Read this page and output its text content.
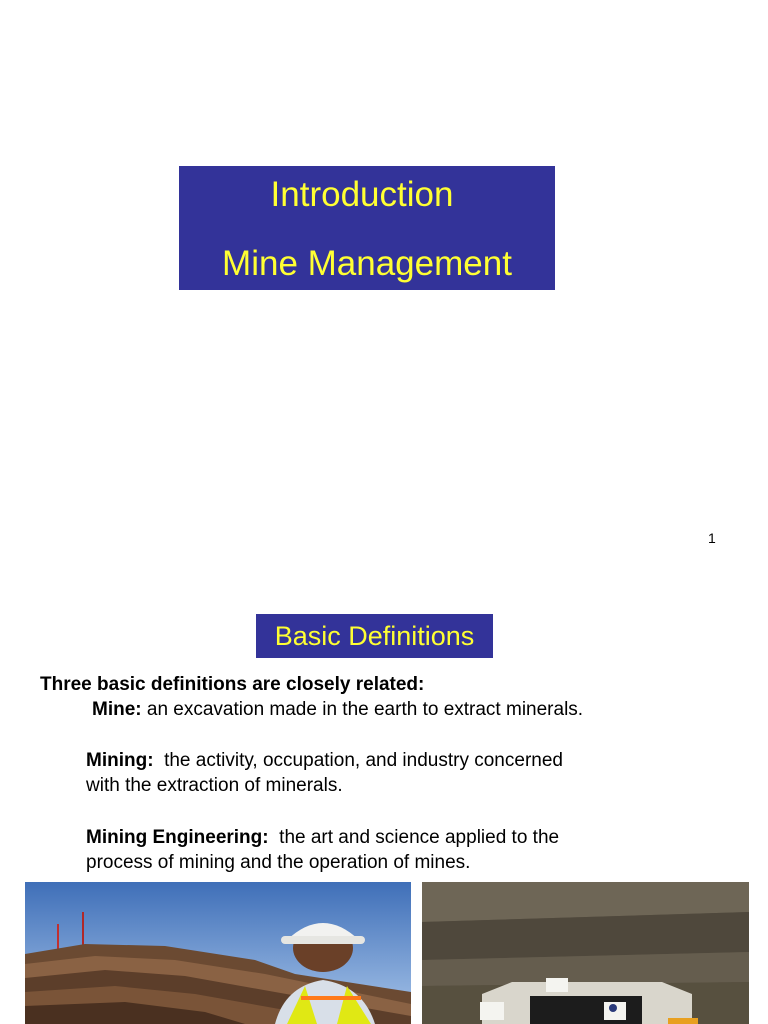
Introduction
Mine Management
1
Basic Definitions
Three basic definitions are closely related:
Mine: an excavation made in the earth to extract minerals.
Mining:  the activity, occupation, and industry concerned
with the extraction of minerals.
Mining Engineering:  the art and science applied to the
process of mining and the operation of mines.
